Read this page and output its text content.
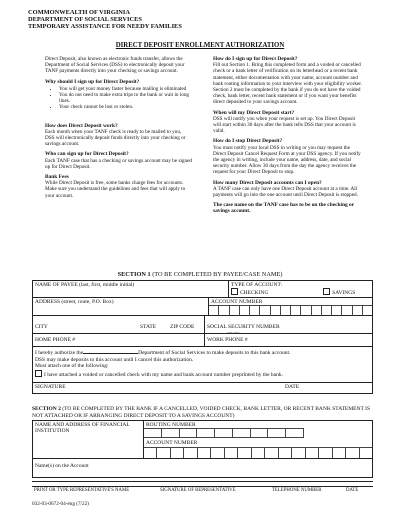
COMMONWEALTH OF VIRGINIA
DEPARTMENT OF SOCIAL SERVICES
TEMPORARY ASSISTANCE FOR NEEDY FAMILIES
DIRECT DEPOSIT ENROLLMENT AUTHORIZATION

Direct Deposit, also known as electronic funds transfer, allows the Department of Social Services (DSS) to electronically deposit your TANF payments directly into your checking or savings account.

Why should I sign up for Direct Deposit?
• You will get your money faster because mailing is eliminated
• You do not need to make extra trips to the bank or wait in long lines.
• Your check cannot be lost or stolen.
How does Direct Deposit work?

Each month when your TANF check is ready to be mailed to you, DSS will electronically deposit funds directly into your checking or savings account.

Who can sign up for Direct Deposit?

Each TANF case that has a checking or savings account may be signed up for Direct Deposit.

Bank Fees

While Direct Deposit is free, some banks charge fees for accounts. Make sure you understand the guidelines and fees that will apply to your account.

How do I sign up for Direct Deposit?

Fill out Section 1. Bring this completed form and a voided or cancelled check or a bank letter of verification on its letterhead or a recent bank statement, either documentation with your name, account number and bank routing information to your interview with your eligibility worker. Section 2 must be completed by the bank if you do not have the voided check, bank letter, recent bank statement or if you want your benefits direct deposited to your savings account.

When will my Direct Deposit start?

DSS will notify you when your request is set up. You Direct Deposit will start within 30 days after the bank tells DSS that your account is valid.

How do I stop Direct Deposit?

You must notify your local DSS in writing or you may request the Direct Deposit Cancel Request Form at your DSS agency. If you notify the agency in writing, include your name, address, date, and social security number. Allow 30 days from the day the agency receives the request for your Direct Deposit to stop.

How many Direct Deposit accounts can I open?

A TANF case can only have one Direct Deposit account at a time. All payments will go into the one account until Direct Deposit is stopped.

The case name on the TANF case has to be on the checking or savings account.
SECTION 1 (TO BE COMPLETED BY PAYEE/CASE NAME)
NAME OF PAYEE (last, first, middle initial)	TYPE OF ACCOUNT:
CHECKING	SAVINGS
ADDRESS (street, route, P.O. Box)	ACCOUNT NUMBER
CITY	STATE	ZIP CODE	SOCIAL SECURITY NUMBER
— —
HOME PHONE #	WORK PHONE #
I hereby authorize the	Department of Social Services to make deposits to this bank account.
DSS may make deposits to this account until I cancel this authorization.
Must attach one of the following:
I have attached a voided or cancelled check with my name and bank account number preprinted by the bank.
SIGNATURE	DATE
SECTION 2 (TO BE COMPLETED BY THE BANK IF A CANCELLED, VOIDED CHECK, BANK LETTER, OR RECENT BANK STATEMENT IS NOT ATTACHED OR IF ARRANGING DIRECT DEPOSIT TO A SAVINGS ACCOUNT)
NAME AND ADDRESS OF FINANCIAL INSTITUTION
ROUTING NUMBER
ACCOUNT NUMBER
Name(s) on the Account
PRINT OR TYPE REPRESENTATIVE'S NAME	SIGNATURE OF REPRESENTATIVE	TELEPHONE NUMBER	DATE
032-03-0672-04-eng (7/22)
